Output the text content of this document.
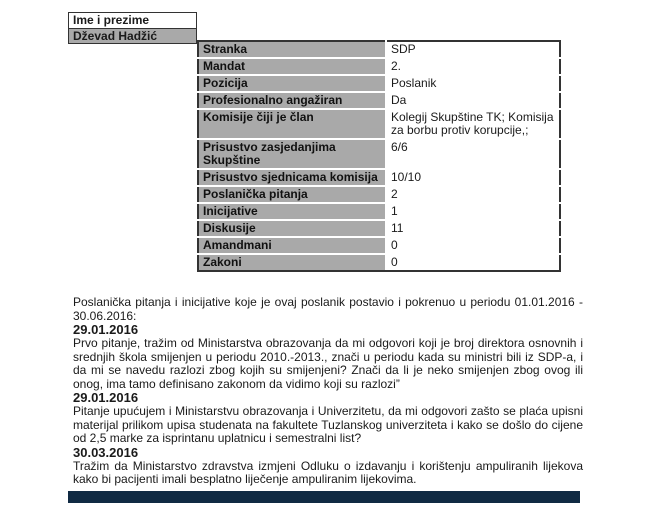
Ime i prezime
Dževad Hadžić
Stranka	SDP
Mandat	2.
Pozicija	Poslanik
Profesionalno angažiran	Da
Komisije čiji je član	Kolegij Skupštine TK; Komisija za borbu protiv korupcije,;
Prisustvo zasjedanjima Skupštine	6/6
Prisustvo sjednicama komisija	10/10
Poslanička pitanja	2
Inicijative	1
Diskusije	11
Amandmani	0
Zakoni	0

Poslanička pitanja i inicijative koje je ovaj poslanik postavio i pokrenuo u periodu 01.01.2016 - 30.06.2016:

29.01.2016

Prvo pitanje, tražim od Ministarstva obrazovanja da mi odgovori koji je broj direktora osnovnih i srednjih škola smijenjen u periodu 2010.-2013., znači u periodu kada su ministri bili iz SDP-a, i da mi se navedu razlozi zbog kojih su smijenjeni? Znači da li je neko smijenjen zbog ovog ili onog, ima tamo definisano zakonom da vidimo koji su razlozi”

29.01.2016

Pitanje upućujem i Ministarstvu obrazovanja i Univerzitetu, da mi odgovori zašto se plaća upisni materijal prilikom upisa studenata na fakultete Tuzlanskog univerziteta i kako se došlo do cijene od 2,5 marke za isprintanu uplatnicu i semestralni list?

30.03.2016

Tražim da Ministarstvo zdravstva izmjeni Odluku o izdavanju i korištenju ampuliranih lijekova kako bi pacijenti imali besplatno liječenje ampuliranim lijekovima.
